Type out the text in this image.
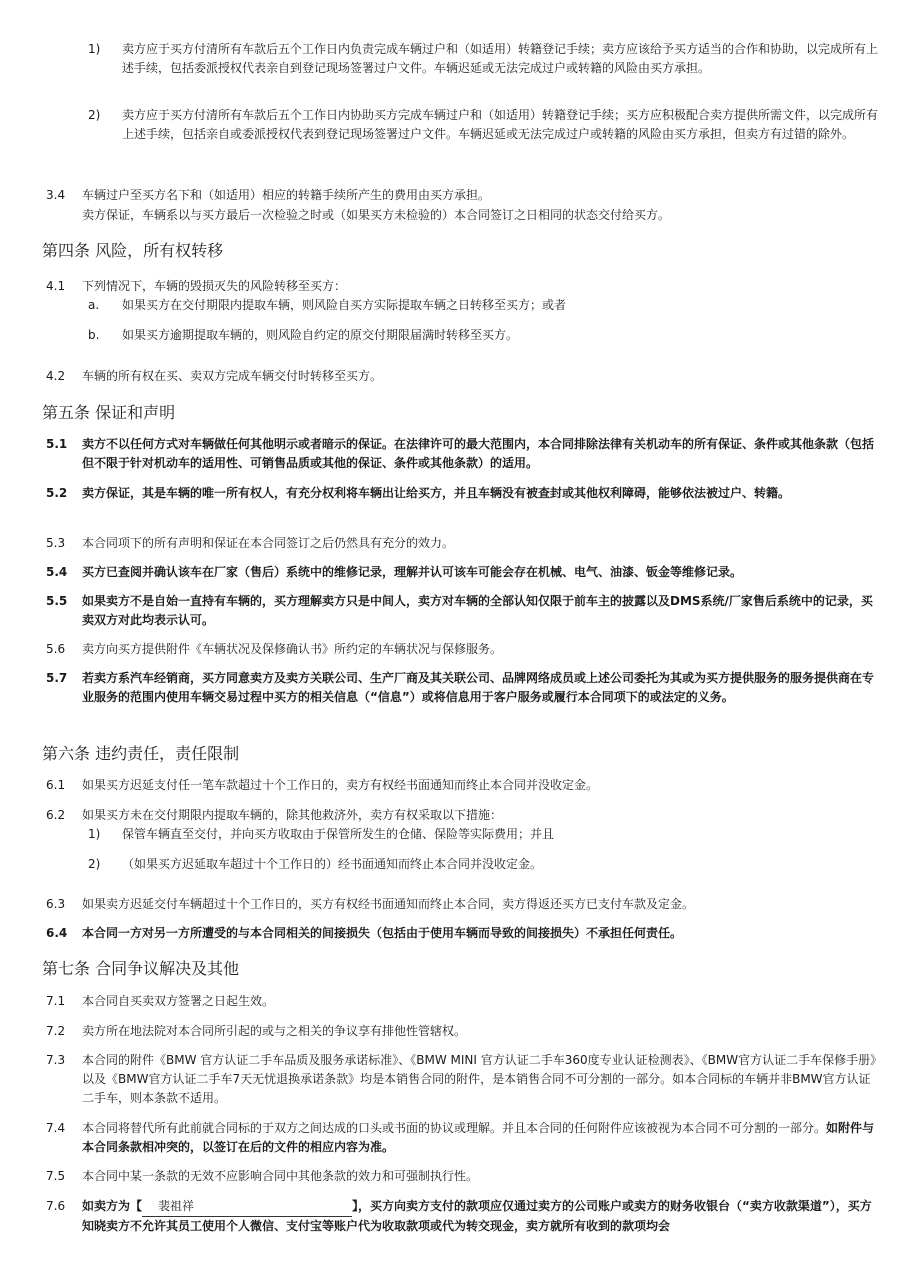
1) 卖方应于买方付清所有车款后五个工作日内负责完成车辆过户和（如适用）转籍登记手续；卖方应该给予买方适当的合作和协助，以完成所有上述手续，包括委派授权代表亲自到登记现场签署过户文件。车辆迟延或无法完成过户或转籍的风险由买方承担。
2) 卖方应于买方付清所有车款后五个工作日内协助买方完成车辆过户和（如适用）转籍登记手续；买方应积极配合卖方提供所需文件，以完成所有上述手续，包括亲自或委派授权代表到登记现场签署过户文件。车辆迟延或无法完成过户或转籍的风险由买方承担，但卖方有过错的除外。
3.4 车辆过户至买方名下和（如适用）相应的转籍手续所产生的费用由买方承担。
卖方保证，车辆系以与买方最后一次检验之时或（如果买方未检验的）本合同签订之日相同的状态交付给买方。
第四条 风险，所有权转移
4.1 下列情况下，车辆的毁损灭失的风险转移至买方：
a. 如果买方在交付期限内提取车辆，则风险自买方实际提取车辆之日转移至买方；或者
b. 如果买方逾期提取车辆的，则风险自约定的原交付期限届满时转移至买方。
4.2 车辆的所有权在买、卖双方完成车辆交付时转移至买方。
第五条 保证和声明
5.1 卖方不以任何方式对车辆做任何其他明示或者暗示的保证。在法律许可的最大范围内，本合同排除法律有关机动车的所有保证、条件或其他条款（包括但不限于针对机动车的适用性、可销售品质或其他的保证、条件或其他条款）的适用。
5.2 卖方保证，其是车辆的唯一所有权人，有充分权利将车辆出让给买方，并且车辆没有被查封或其他权利障碍，能够依法被过户、转籍。
5.3 本合同项下的所有声明和保证在本合同签订之后仍然具有充分的效力。
5.4 买方已查阅并确认该车在厂家（售后）系统中的维修记录，理解并认可该车可能会存在机械、电气、油漆、钣金等维修记录。
5.5 如果卖方不是自始一直持有车辆的，买方理解卖方只是中间人，卖方对车辆的全部认知仅限于前车主的披露以及DMS系统/厂家售后系统中的记录，买卖双方对此均表示认可。
5.6 卖方向买方提供附件《车辆状况及保修确认书》所约定的车辆状况与保修服务。
5.7 若卖方系汽车经销商，买方同意卖方及卖方关联公司、生产厂商及其关联公司、品牌网络成员或上述公司委托为其或为买方提供服务的服务提供商在专业服务的范围内使用车辆交易过程中买方的相关信息（“信息”）或将信息用于客户服务或履行本合同项下的或法定的义务。
第六条 违约责任，责任限制
6.1 如果买方迟延支付任一笔车款超过十个工作日的，卖方有权经书面通知而终止本合同并没收定金。
6.2 如果买方未在交付期限内提取车辆的，除其他救济外，卖方有权采取以下措施：
1) 保管车辆直至交付，并向买方收取由于保管所发生的仓储、保险等实际费用；并且
2) （如果买方迟延取车超过十个工作日的）经书面通知而终止本合同并没收定金。
6.3 如果卖方迟延交付车辆超过十个工作日的，买方有权经书面通知而终止本合同，卖方得返还买方已支付车款及定金。
6.4 本合同一方对另一方所遭受的与本合同相关的间接损失（包括由于使用车辆而导致的间接损失）不承担任何责任。
第七条 合同争议解决及其他
7.1 本合同自买卖双方签署之日起生效。
7.2 卖方所在地法院对本合同所引起的或与之相关的争议享有排他性管辖权。
7.3 本合同的附件《BMW 官方认证二手车品质及服务承诺标准》、《BMW MINI 官方认证二手车360度专业认证检测表》、《BMW官方认证二手车保修手册》以及《BMW官方认证二手车7天无忧退换承诺条款》均是本销售合同的附件，是本销售合同不可分割的一部分。如本合同标的车辆并非BMW官方认证二手车，则本条款不适用。
7.4 本合同将替代所有此前就合同标的于双方之间达成的口头或书面的协议或理解。并且本合同的任何附件应该被视为本合同不可分割的一部分。如附件与本合同条款相冲突的，以签订在后的文件的相应内容为准。
7.5 本合同中某一条款的无效不应影响合同中其他条款的效力和可强制执行性。
7.6 如卖方为【 裴祖祥	】，买方向卖方支付的款项应仅通过卖方的公司账户或卖方的财务收银台（“卖方收款渠道”），买方知晓卖方不允许其员工使用个人微信、支付宝等账户代为收取款项或代为转交现金，卖方就所有收到的款项均会
